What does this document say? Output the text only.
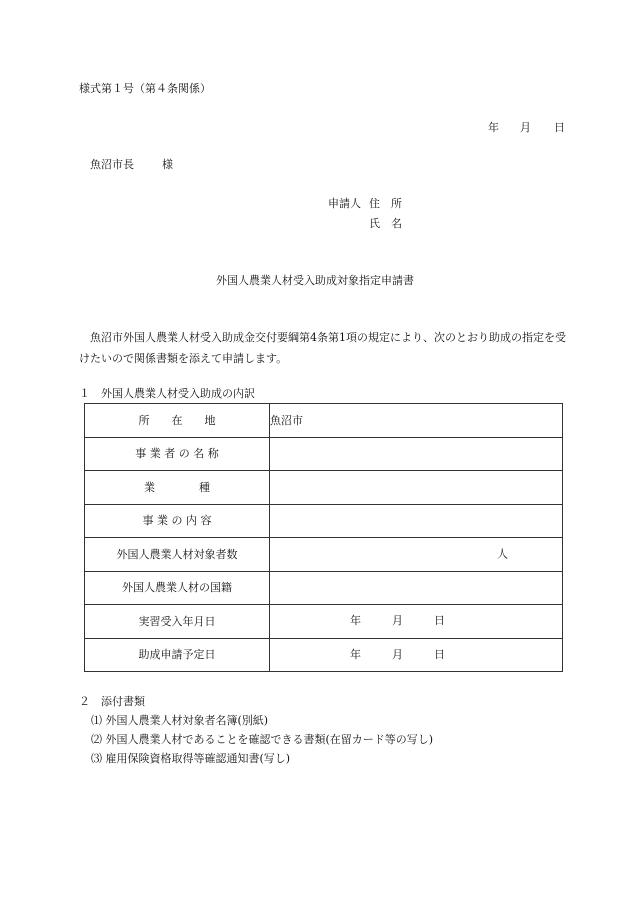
様式第１号（第４条関係）
年 月 日
魚沼市長	様
申請人 住　所
氏　名
外国人農業人材受入助成対象指定申請書
魚沼市外国人農業人材受入助成金交付要綱第4条第1項の規定により、次のとおり助成の指定を受けたいので関係書類を添えて申請します。
１　外国人農業人材受入助成の内訳
所　　在　　地	魚沼市
事 業 者 の 名 称	
業　　　　種	
事 業 の 内 容	
外国人農業人材対象者数	人

外国人農業人材の国籍	
実習受入年月日	年 月 日

助成申請予定日	年 月 日
２　添付書類
⑴ 外国人農業人材対象者名簿(別紙)
⑵ 外国人農業人材であることを確認できる書類(在留カード等の写し)
⑶ 雇用保険資格取得等確認通知書(写し)
